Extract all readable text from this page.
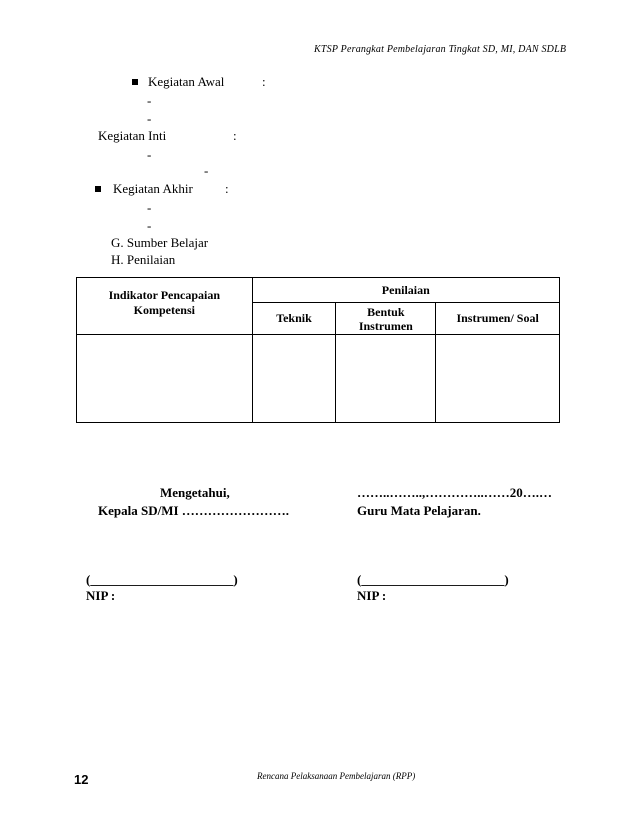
KTSP Perangkat Pembelajaran Tingkat SD, MI, DAN SDLB
Kegiatan Awal	:
-
-
Kegiatan Inti	:
-
-
Kegiatan Akhir :
-
-
G. Sumber Belajar
H. Penilaian
Indikator Pencapaian Kompetensi	Penilaian		
	Teknik	Bentuk Instrumen	Instrumen/ Soal

Mengetahui,
Kepala SD/MI …………………….
……..……..,…………..……20….…
Guru Mata Pelajaran.
(______________________)
NIP :
(______________________)
NIP :
12	Rencana Pelaksanaan Pembelajaran (RPP)
